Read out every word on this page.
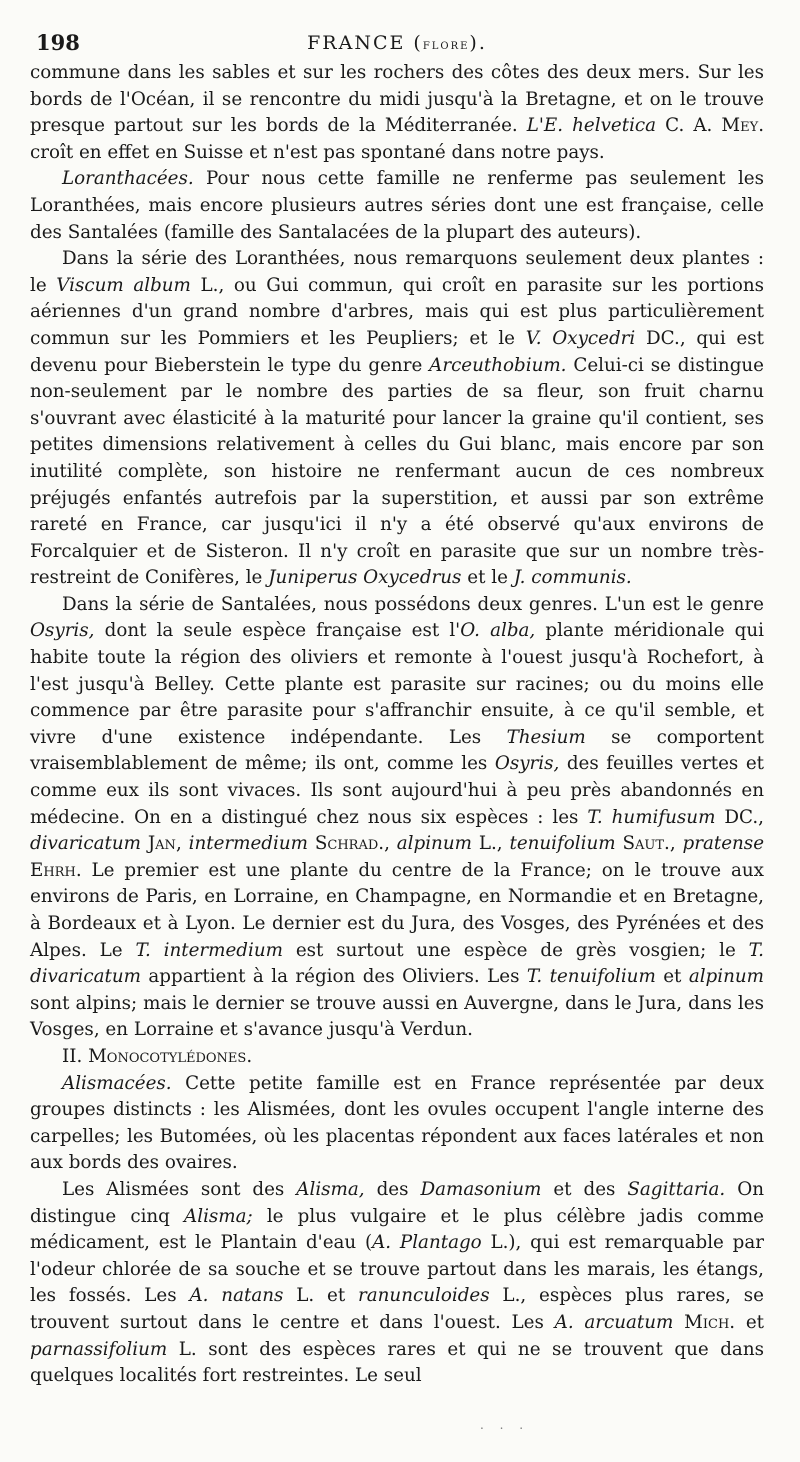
198	FRANCE (flore).

commune dans les sables et sur les rochers des côtes des deux mers. Sur les bords de l'Océan, il se rencontre du midi jusqu'à la Bretagne, et on le trouve presque partout sur les bords de la Méditerranée. L'E. helvetica C. A. Mey. croît en effet en Suisse et n'est pas spontané dans notre pays.

Loranthacées. Pour nous cette famille ne renferme pas seulement les Loranthées, mais encore plusieurs autres séries dont une est française, celle des Santalées (famille des Santalacées de la plupart des auteurs).

Dans la série des Loranthées, nous remarquons seulement deux plantes : le Viscum album L., ou Gui commun, qui croît en parasite sur les portions aériennes d'un grand nombre d'arbres, mais qui est plus particulièrement commun sur les Pommiers et les Peupliers; et le V. Oxycedri DC., qui est devenu pour Bieberstein le type du genre Arceuthobium. Celui-ci se distingue non-seulement par le nombre des parties de sa fleur, son fruit charnu s'ouvrant avec élasticité à la maturité pour lancer la graine qu'il contient, ses petites dimensions relativement à celles du Gui blanc, mais encore par son inutilité complète, son histoire ne renfermant aucun de ces nombreux préjugés enfantés autrefois par la superstition, et aussi par son extrême rareté en France, car jusqu'ici il n'y a été observé qu'aux environs de Forcalquier et de Sisteron. Il n'y croît en parasite que sur un nombre très-restreint de Conifères, le Juniperus Oxycedrus et le J. communis.

Dans la série de Santalées, nous possédons deux genres. L'un est le genre Osyris, dont la seule espèce française est l'O. alba, plante méridionale qui habite toute la région des oliviers et remonte à l'ouest jusqu'à Rochefort, à l'est jusqu'à Belley. Cette plante est parasite sur racines; ou du moins elle commence par être parasite pour s'affranchir ensuite, à ce qu'il semble, et vivre d'une existence indépendante. Les Thesium se comportent vraisemblablement de même; ils ont, comme les Osyris, des feuilles vertes et comme eux ils sont vivaces. Ils sont aujourd'hui à peu près abandonnés en médecine. On en a distingué chez nous six espèces : les T. humifusum DC., divaricatum Jan, intermedium Schrad., alpinum L., tenuifolium Saut., pratense Ehrh. Le premier est une plante du centre de la France; on le trouve aux environs de Paris, en Lorraine, en Champagne, en Normandie et en Bretagne, à Bordeaux et à Lyon. Le dernier est du Jura, des Vosges, des Pyrénées et des Alpes. Le T. intermedium est surtout une espèce de grès vosgien; le T. divaricatum appartient à la région des Oliviers. Les T. tenuifolium et alpinum sont alpins; mais le dernier se trouve aussi en Auvergne, dans le Jura, dans les Vosges, en Lorraine et s'avance jusqu'à Verdun.

II. Monocotylédones.

Alismacées. Cette petite famille est en France représentée par deux groupes distincts : les Alismées, dont les ovules occupent l'angle interne des carpelles; les Butomées, où les placentas répondent aux faces latérales et non aux bords des ovaires.

Les Alismées sont des Alisma, des Damasonium et des Sagittaria. On distingue cinq Alisma; le plus vulgaire et le plus célèbre jadis comme médicament, est le Plantain d'eau (A. Plantago L.), qui est remarquable par l'odeur chlorée de sa souche et se trouve partout dans les marais, les étangs, les fossés. Les A. natans L. et ranunculoides L., espèces plus rares, se trouvent surtout dans le centre et dans l'ouest. Les A. arcuatum Mich. et parnassifolium L. sont des espèces rares et qui ne se trouvent que dans quelques localités fort restreintes. Le seul

. . .
